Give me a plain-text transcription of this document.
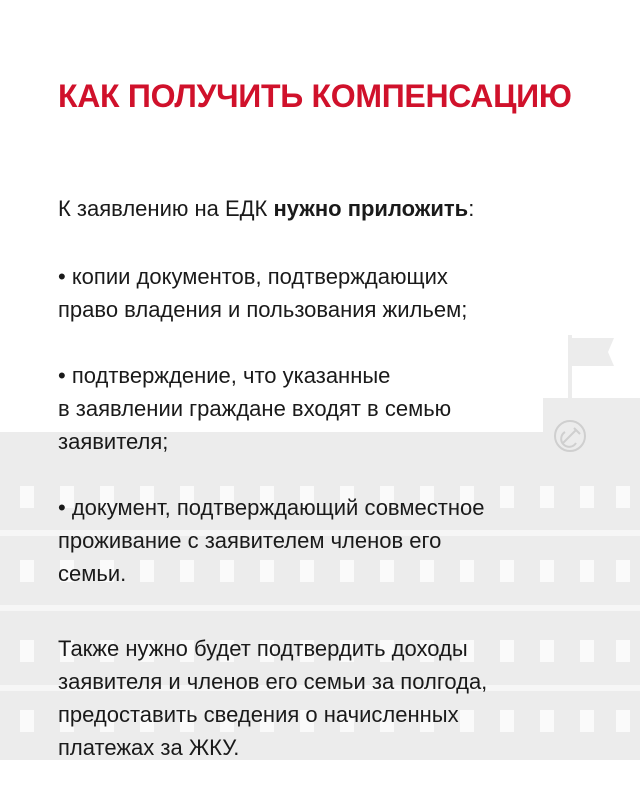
КАК ПОЛУЧИТЬ КОМПЕНСАЦИЮ

К заявлению на ЕДК нужно приложить:

• копии документов, подтверждающих
право владения и пользования жильем;
• подтверждение, что указанные
в заявлении граждане входят в семью
заявителя;
• документ, подтверждающий совместное
проживание с заявителем членов его
семьи.

Также нужно будет подтвердить доходы
заявителя и членов его семьи за полгода,
предоставить сведения о начисленных
платежах за ЖКУ.
